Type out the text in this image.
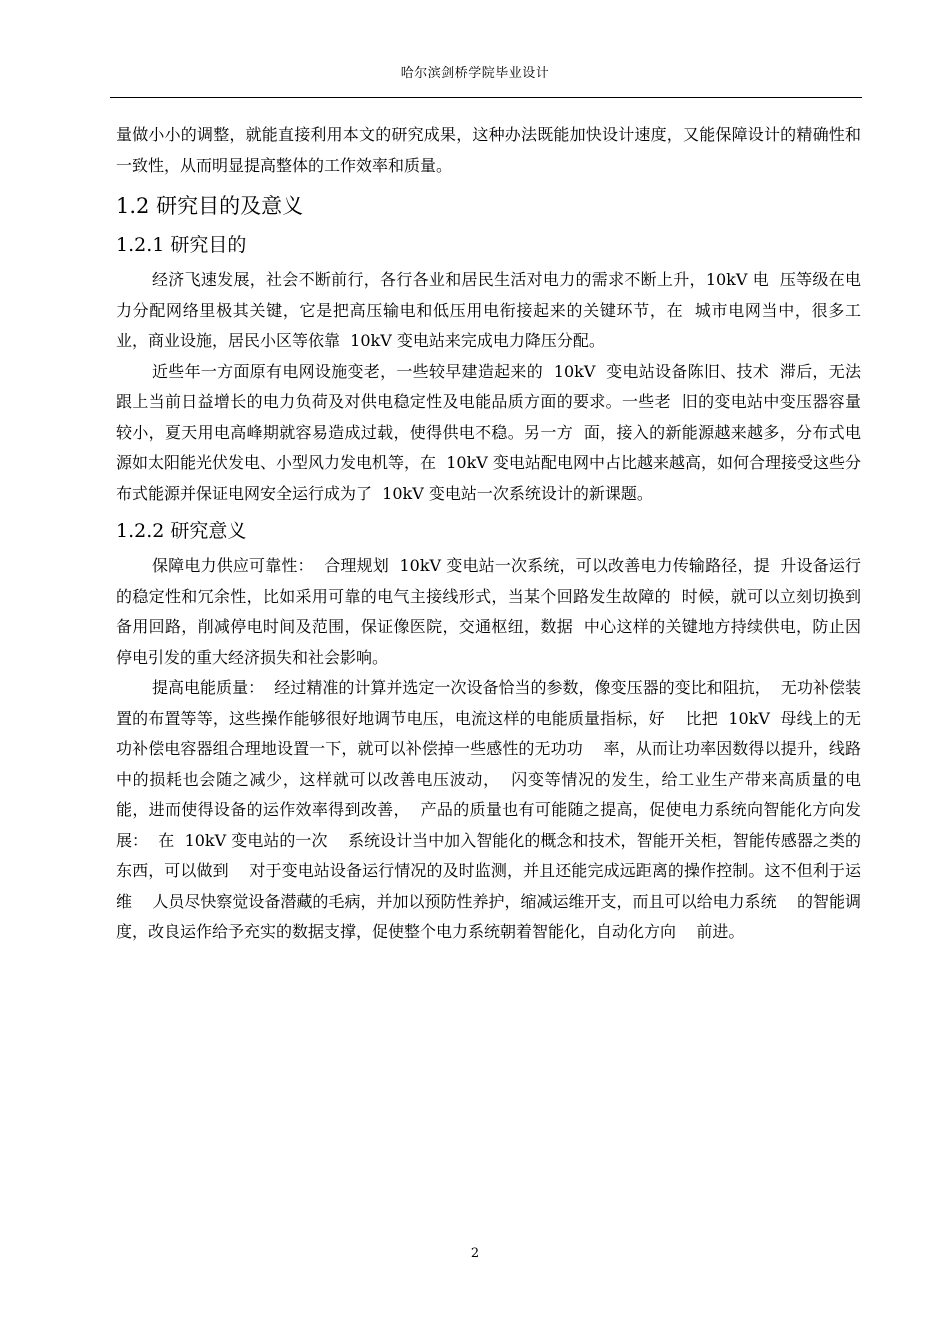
哈尔滨剑桥学院毕业设计

量做小小的调整，就能直接利用本文的研究成果，这种办法既能加快设计速度，又能保障设计的精确性和一致性，从而明显提高整体的工作效率和质量。

1.2 研究目的及意义
1.2.1 研究目的

经济飞速发展，社会不断前行，各行各业和居民生活对电力的需求不断上升，10kV 电  压等级在电力分配网络里极其关键，它是把高压输电和低压用电衔接起来的关键环节，在  城市电网当中，很多工业，商业设施，居民小区等依靠  10kV 变电站来完成电力降压分配。

近些年一方面原有电网设施变老，一些较早建造起来的  10kV  变电站设备陈旧、技术  滞后，无法跟上当前日益增长的电力负荷及对供电稳定性及电能品质方面的要求。一些老  旧的变电站中变压器容量较小，夏天用电高峰期就容易造成过载，使得供电不稳。另一方  面，接入的新能源越来越多，分布式电源如太阳能光伏发电、小型风力发电机等，在  10kV 变电站配电网中占比越来越高，如何合理接受这些分布式能源并保证电网安全运行成为了  10kV 变电站一次系统设计的新课题。

1.2.2 研究意义

保障电力供应可靠性：  合理规划  10kV 变电站一次系统，可以改善电力传输路径，提  升设备运行的稳定性和冗余性，比如采用可靠的电气主接线形式，当某个回路发生故障的  时候，就可以立刻切换到备用回路，削减停电时间及范围，保证像医院，交通枢纽，数据  中心这样的关键地方持续供电，防止因停电引发的重大经济损失和社会影响。

提高电能质量：  经过精准的计算并选定一次设备恰当的参数，像变压器的变比和阻抗，  无功补偿装置的布置等等，这些操作能够很好地调节电压，电流这样的电能质量指标，好    比把  10kV  母线上的无功补偿电容器组合理地设置一下，就可以补偿掉一些感性的无功功    率，从而让功率因数得以提升，线路中的损耗也会随之减少，这样就可以改善电压波动，  闪变等情况的发生，给工业生产带来高质量的电能，进而使得设备的运作效率得到改善，  产品的质量也有可能随之提高，促使电力系统向智能化方向发展：  在  10kV 变电站的一次    系统设计当中加入智能化的概念和技术，智能开关柜，智能传感器之类的东西，可以做到    对于变电站设备运行情况的及时监测，并且还能完成远距离的操作控制。这不但利于运维    人员尽快察觉设备潜藏的毛病，并加以预防性养护，缩减运维开支，而且可以给电力系统    的智能调度，改良运作给予充实的数据支撑，促使整个电力系统朝着智能化，自动化方向    前进。

2
